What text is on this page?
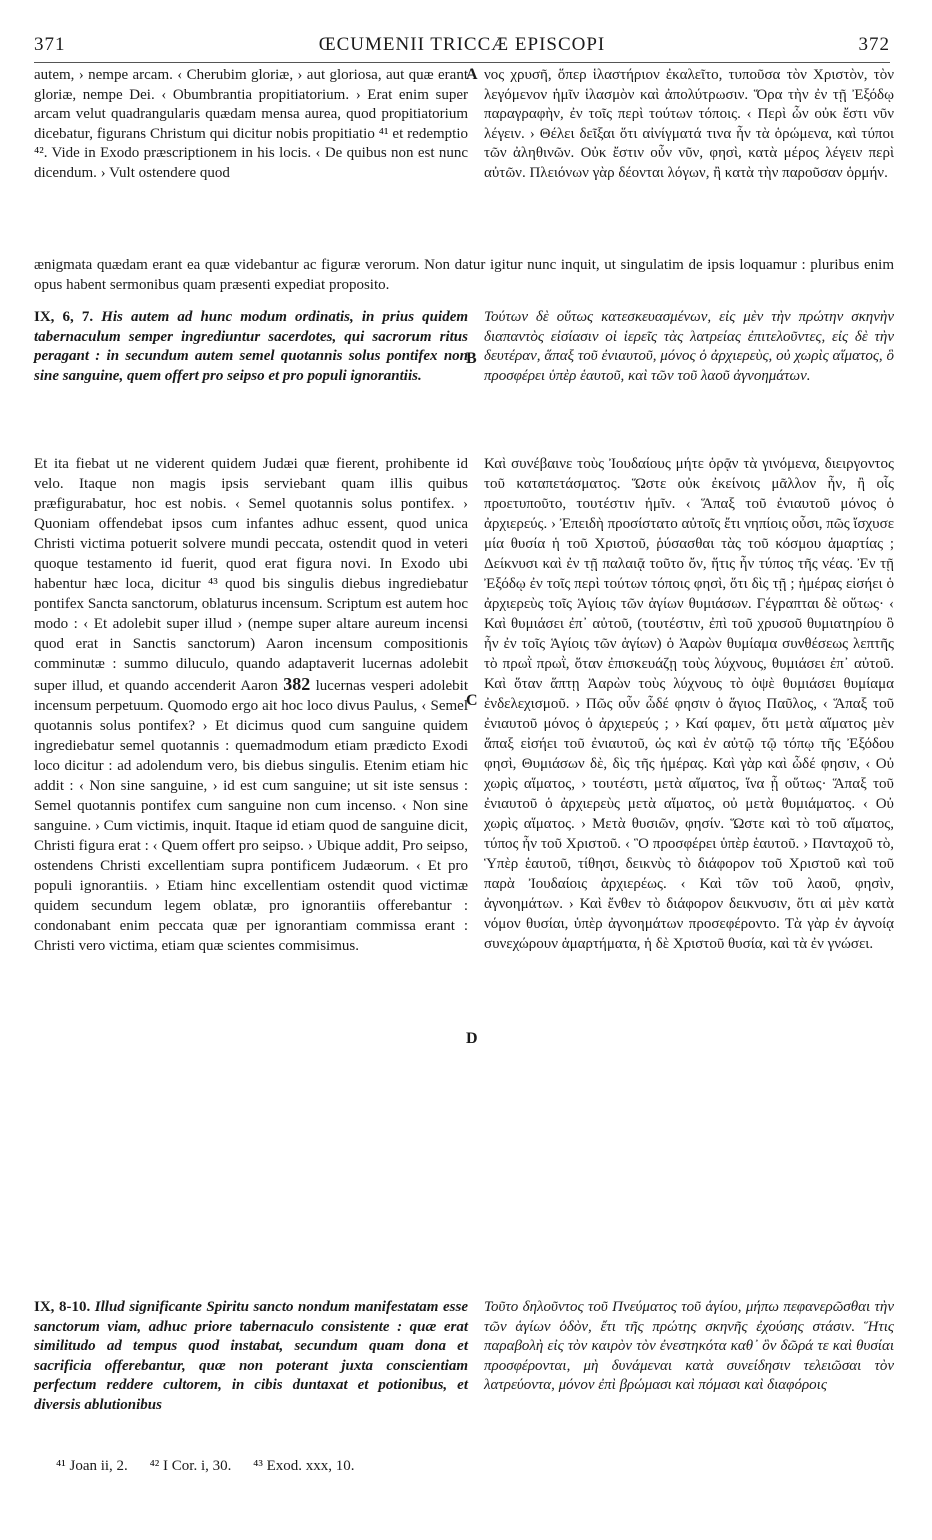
371	ŒCUMENII TRICCÆ EPISCOPI	372
A
B
C
D

autem, › nempe arcam. ‹ Cherubim gloriæ, › aut gloriosa, aut quæ erant gloriæ, nempe Dei. ‹ Obumbrantia propitiatorium. › Erat enim super arcam velut quadrangularis quædam mensa aurea, quod propitiatorium dicebatur, figurans Christum qui dicitur nobis propitiatio ⁴¹ et redemptio ⁴². Vide in Exodo præscriptionem in his locis. ‹ De quibus non est nunc dicendum. › Vult ostendere quod

νος χρυσῆ, ὅπερ ἱλαστήριον ἐκαλεῖτο, τυποῦσα τὸν Χριστὸν, τὸν λεγόμενον ἡμῖν ἱλασμὸν καὶ ἀπολύτρωσιν. Ὅρα τὴν ἐν τῇ Ἐξόδῳ παραγραφὴν, ἐν τοῖς περὶ τούτων τόποις. ‹ Περὶ ὧν οὐκ ἔστι νῦν λέγειν. › Θέλει δεῖξαι ὅτι αἰνίγματά τινα ἦν τὰ ὁρώμενα, καὶ τύποι τῶν ἀληθινῶν. Οὐκ ἔστιν οὖν νῦν, φησὶ, κατὰ μέρος λέγειν περὶ αὐτῶν. Πλειόνων γὰρ δέονται λόγων, ἢ κατὰ τὴν παροῦσαν ὁρμήν.

ænigmata quædam erant ea quæ videbantur ac figuræ verorum. Non datur igitur nunc inquit, ut singulatim de ipsis loquamur : pluribus enim opus habent sermonibus quam præsenti expediat proposito.

IX, 6, 7. His autem ad hunc modum ordinatis, in prius quidem tabernaculum semper ingrediuntur sacerdotes, qui sacrorum ritus peragant : in secundum autem semel quotannis solus pontifex non sine sanguine, quem offert pro seipso et pro populi ignorantiis.

Τούτων δὲ οὕτως κατεσκευασμένων, εἰς μὲν τὴν πρώτην σκηνὴν διαπαντὸς εἰσίασιν οἱ ἱερεῖς τὰς λατρείας ἐπιτελοῦντες, εἰς δὲ τὴν δευτέραν, ἅπαξ τοῦ ἐνιαυτοῦ, μόνος ὁ ἀρχιερεὺς, οὐ χωρὶς αἵματος, ὃ προσφέρει ὑπὲρ ἑαυτοῦ, καὶ τῶν τοῦ λαοῦ ἀγνοημάτων.

Et ita fiebat ut ne viderent quidem Judæi quæ fierent, prohibente id velo. Itaque non magis ipsis serviebant quam illis quibus præfigurabatur, hoc est nobis. ‹ Semel quotannis solus pontifex. › Quoniam offendebat ipsos cum infantes adhuc essent, quod unica Christi victima potuerit solvere mundi peccata, ostendit quod in veteri quoque testamento id fuerit, quod erat figura novi. In Exodo ubi habentur hæc loca, dicitur ⁴³ quod bis singulis diebus ingrediebatur pontifex Sancta sanctorum, oblaturus incensum. Scriptum est autem hoc modo : ‹ Et adolebit super illud › (nempe super altare aureum incensi quod erat in Sanctis sanctorum) Aaron incensum compositionis comminutæ : summo diluculo, quando adaptaverit lucernas adolebit super illud, et quando accenderit Aaron 382 lucernas vesperi adolebit incensum perpetuum. Quomodo ergo ait hoc loco divus Paulus, ‹ Semel quotannis solus pontifex? › Et dicimus quod cum sanguine quidem ingrediebatur semel quotannis : quemadmodum etiam prædicto Exodi loco dicitur : ad adolendum vero, bis diebus singulis. Etenim etiam hic addit : ‹ Non sine sanguine, › id est cum sanguine; ut sit iste sensus : Semel quotannis pontifex cum sanguine non cum incenso. ‹ Non sine sanguine. › Cum victimis, inquit. Itaque id etiam quod de sanguine dicit, Christi figura erat : ‹ Quem offert pro seipso. › Ubique addit, Pro seipso, ostendens Christi excellentiam supra pontificem Judæorum. ‹ Et pro populi ignorantiis. › Etiam hinc excellentiam ostendit quod victimæ quidem secundum legem oblatæ, pro ignorantiis offerebantur : condonabant enim peccata quæ per ignorantiam commissa erant : Christi vero victima, etiam quæ scientes commisimus.

Καὶ συνέβαινε τοὺς Ἰουδαίους μήτε ὁρᾷν τὰ γινόμενα, διειργοντος τοῦ καταπετάσματος. Ὥστε οὐκ ἐκείνοις μᾶλλον ἦν, ἢ οἷς προετυποῦτο, τουτέστιν ἡμῖν. ‹ Ἅπαξ τοῦ ἐνιαυτοῦ μόνος ὁ ἀρχιερεύς. › Ἐπειδὴ προσίστατο αὐτοῖς ἔτι νηπίοις οὖσι, πῶς ἴσχυσε μία θυσία ἡ τοῦ Χριστοῦ, ῥύσασθαι τὰς τοῦ κόσμου ἁμαρτίας ; Δείκνυσι καὶ ἐν τῇ παλαιᾷ τοῦτο ὄν, ἥτις ἦν τύπος τῆς νέας. Ἐν τῇ Ἐξόδῳ ἐν τοῖς περὶ τούτων τόποις φησὶ, ὅτι δὶς τῇ ; ἡμέρας εἰσήει ὁ ἀρχιερεὺς τοῖς Ἁγίοις τῶν ἁγίων θυμιάσων. Γέγραπται δὲ οὕτως· ‹ Καὶ θυμιάσει ἐπ᾽ αὐτοῦ, (τουτέστιν, ἐπὶ τοῦ χρυσοῦ θυμιατηρίου ὃ ἦν ἐν τοῖς Ἁγίοις τῶν ἁγίων) ὁ Ἀαρὼν θυμίαμα συνθέσεως λεπτῆς τὸ πρωῒ πρωῒ, ὅταν ἐπισκευάζῃ τοὺς λύχνους, θυμιάσει ἐπ᾽ αὐτοῦ. Καὶ ὅταν ἅπτῃ Ἀαρὼν τοὺς λύχνους τὸ ὀψὲ θυμιάσει θυμίαμα ἐνδελεχισμοῦ. › Πῶς οὖν ὧδέ φησιν ὁ ἅγιος Παῦλος, ‹ Ἅπαξ τοῦ ἐνιαυτοῦ μόνος ὁ ἀρχιερεύς ; › Καί φαμεν, ὅτι μετὰ αἵματος μὲν ἅπαξ εἰσήει τοῦ ἐνιαυτοῦ, ὡς καὶ ἐν αὐτῷ τῷ τόπῳ τῆς Ἐξόδου φησὶ, Θυμιάσων δὲ, δὶς τῆς ἡμέρας. Καὶ γὰρ καὶ ὧδέ φησιν, ‹ Οὐ χωρὶς αἵματος, › τουτέστι, μετὰ αἵματος, ἵνα ᾖ οὕτως· Ἅπαξ τοῦ ἐνιαυτοῦ ὁ ἀρχιερεὺς μετὰ αἵματος, οὐ μετὰ θυμιάματος. ‹ Οὐ χωρὶς αἵματος. › Μετὰ θυσιῶν, φησίν. Ὥστε καὶ τὸ τοῦ αἵματος, τύπος ἦν τοῦ Χριστοῦ. ‹ Ὃ προσφέρει ὑπὲρ ἑαυτοῦ. › Πανταχοῦ τὸ, Ὑπὲρ ἑαυτοῦ, τίθησι, δεικνὺς τὸ διάφορον τοῦ Χριστοῦ καὶ τοῦ παρὰ Ἰουδαίοις ἀρχιερέως. ‹ Καὶ τῶν τοῦ λαοῦ, φησὶν, ἀγνοημάτων. › Καὶ ἔνθεν τὸ διάφορον δεικνυσιν, ὅτι αἱ μὲν κατὰ νόμον θυσίαι, ὑπὲρ ἀγνοημάτων προσεφέροντο. Τὰ γὰρ ἐν ἀγνοίᾳ συνεχώρουν ἁμαρτήματα, ἡ δὲ Χριστοῦ θυσία, καὶ τὰ ἐν γνώσει.

IX, 8-10. Illud significante Spiritu sancto nondum manifestatam esse sanctorum viam, adhuc priore tabernaculo consistente : quæ erat similitudo ad tempus quod instabat, secundum quam dona et sacrificia offerebantur, quæ non poterant juxta conscientiam perfectum reddere cultorem, in cibis duntaxat et potionibus, et diversis ablutionibus

Τοῦτο δηλοῦντος τοῦ Πνεύματος τοῦ ἁγίου, μήπω πεφανερῶσθαι τὴν τῶν ἁγίων ὁδὸν, ἔτι τῆς πρώτης σκηνῆς ἐχούσης στάσιν. Ἥτις παραβολὴ εἰς τὸν καιρὸν τὸν ἐνεστηκότα καθ᾽ ὃν δῶρά τε καὶ θυσίαι προσφέρονται, μὴ δυνάμεναι κατὰ συνείδησιν τελειῶσαι τὸν λατρεύοντα, μόνον ἐπὶ βρώμασι καὶ πόμασι καὶ διαφόροις

⁴¹ Joan ii, 2. ⁴² I Cor. i, 30. ⁴³ Exod. xxx, 10.
